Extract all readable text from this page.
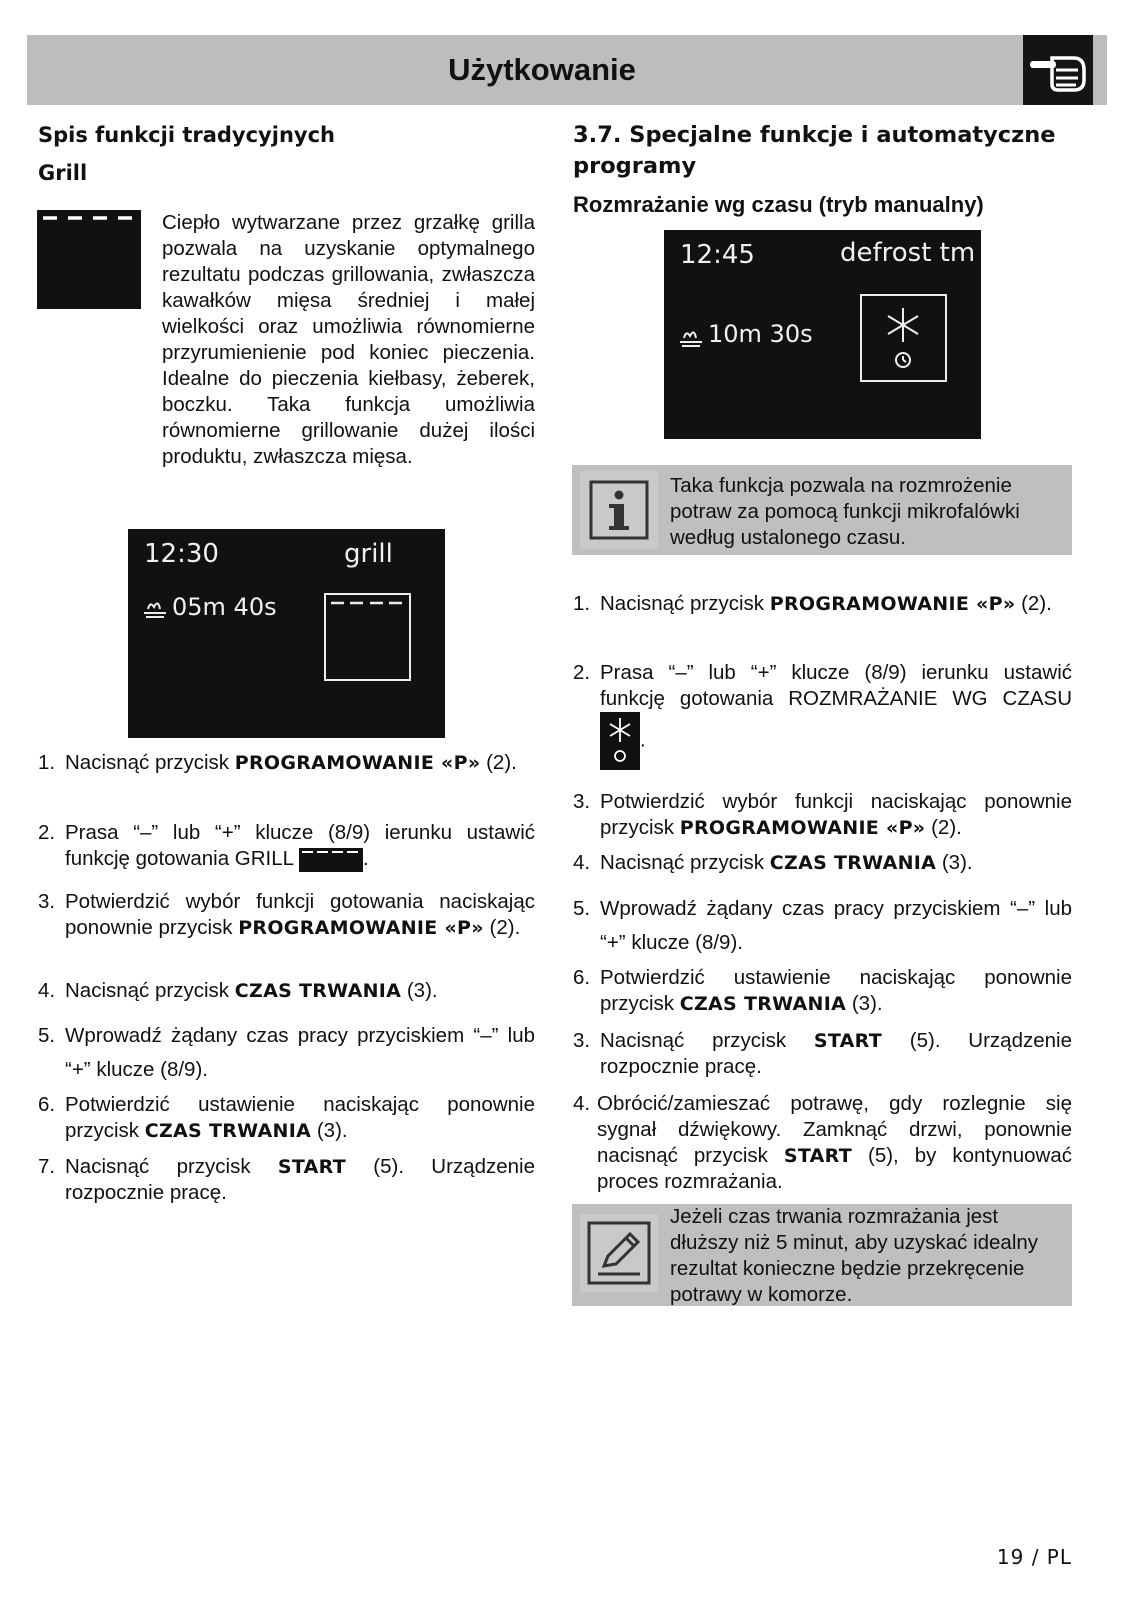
Użytkowanie
Spis funkcji tradycyjnych
Grill
Ciepło wytwarzane przez grzałkę grilla pozwala na uzyskanie optymalnego rezultatu podczas grillowania, zwłaszcza kawałków mięsa średniej i małej wielkości oraz umożliwia równomierne przyrumienienie pod koniec pieczenia. Idealne do pieczenia kiełbasy, żeberek, boczku. Taka funkcja umożliwia równomierne grillowanie dużej ilości produktu, zwłaszcza mięsa.
12:30	grill
05m 40s
1. Nacisnąć przycisk PROGRAMOWANIE «P» (2).
2. Prasa “–” lub “+” klucze (8/9) ierunku ustawić funkcję gotowania GRILL	.
3. Potwierdzić wybór funkcji gotowania naciskając ponownie przycisk PROGRAMOWANIE «P» (2).
4. Nacisnąć przycisk CZAS TRWANIA (3).
5. Wprowadź żądany czas pracy przyciskiem “–” lub “+” klucze (8/9).
6. Potwierdzić ustawienie naciskając ponownie przycisk CZAS TRWANIA (3).
7. Nacisnąć przycisk START (5). Urządzenie rozpocznie pracę.
3.7. Specjalne funkcje i automatyczne programy
Rozmrażanie wg czasu (tryb manualny)
12:45	defrost tm
10m 30s
Taka funkcja pozwala na rozmrożenie potraw za pomocą funkcji mikrofalówki według ustalonego czasu.
1. Nacisnąć przycisk PROGRAMOWANIE «P» (2).
2. Prasa “–” lub “+” klucze (8/9) ierunku ustawić funkcję gotowania ROZMRAŻANIE WG CZASU .
3. Potwierdzić wybór funkcji naciskając ponownie przycisk PROGRAMOWANIE «P» (2).
4. Nacisnąć przycisk CZAS TRWANIA (3).
5. Wprowadź żądany czas pracy przyciskiem “–” lub “+” klucze (8/9).
6. Potwierdzić ustawienie naciskając ponownie przycisk CZAS TRWANIA (3).
3. Nacisnąć przycisk START (5). Urządzenie rozpocznie pracę.
4. Obrócić/zamieszać potrawę, gdy rozlegnie się sygnał dźwiękowy. Zamknąć drzwi, ponownie nacisnąć przycisk START (5), by kontynuować proces rozmrażania.
Jeżeli czas trwania rozmrażania jest dłuższy niż 5 minut, aby uzyskać idealny rezultat konieczne będzie przekręcenie potrawy w komorze.
19 / PL
